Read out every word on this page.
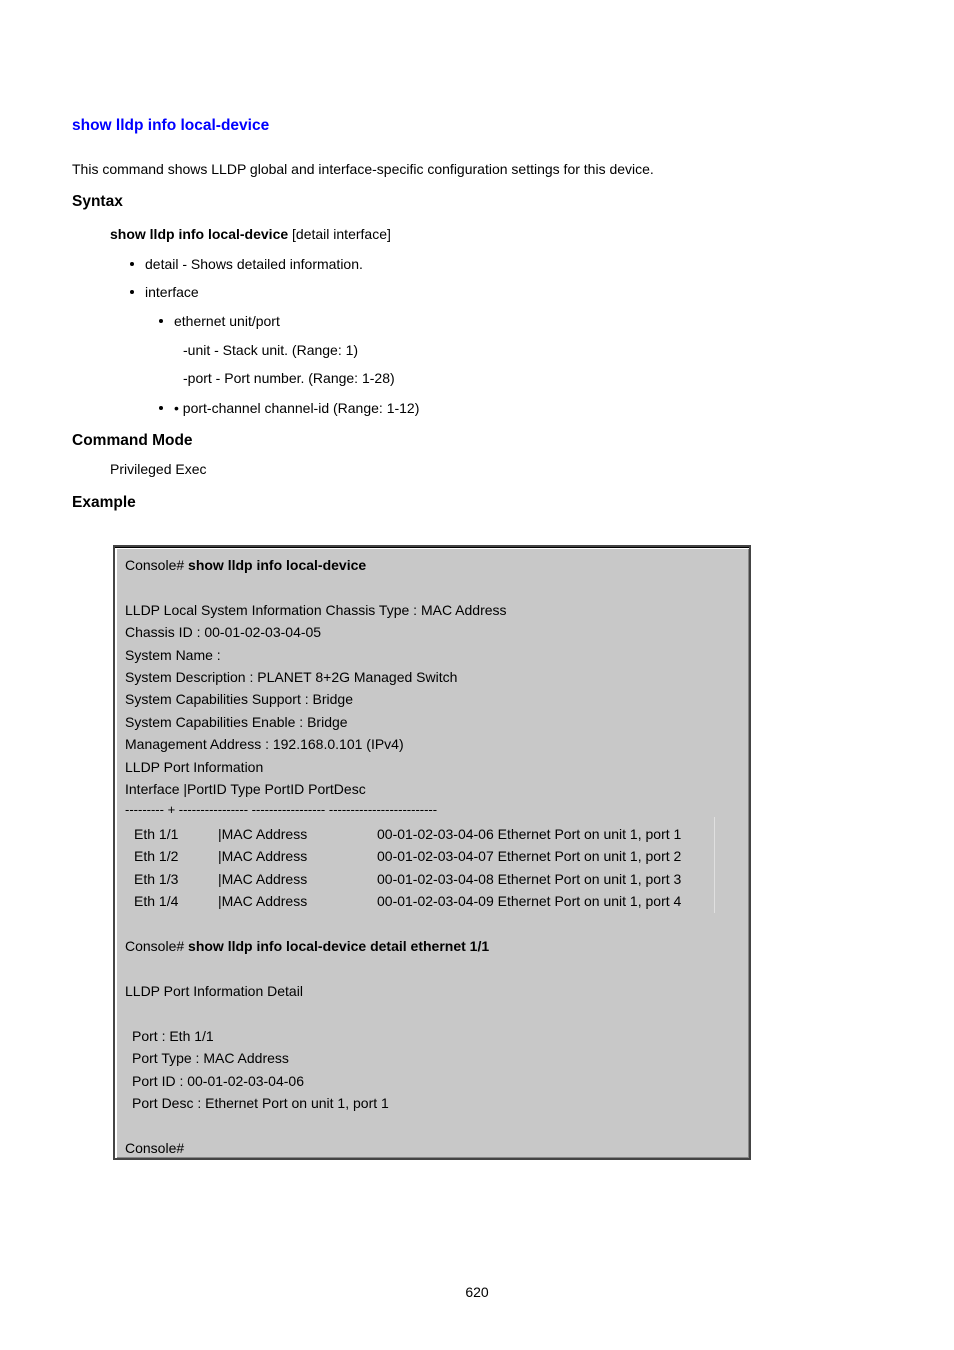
show lldp info local-device
This command shows LLDP global and interface-specific configuration settings for this device.
Syntax
show lldp info local-device [detail interface]
detail - Shows detailed information.
interface
ethernet unit/port
-unit - Stack unit. (Range: 1)
-port - Port number. (Range: 1-28)
• port-channel channel-id (Range: 1-12)
Command Mode
Privileged Exec
Example
Console# show lldp info local-device
LLDP Local System Information Chassis Type : MAC Address
Chassis ID : 00-01-02-03-04-05
System Name :
System Description : PLANET 8+2G Managed Switch
System Capabilities Support : Bridge
System Capabilities Enable : Bridge
Management Address : 192.168.0.101 (IPv4)
LLDP Port Information
Interface |PortID Type PortID PortDesc
--------- + ---------------- ----------------- -------------------------
Eth 1/1	|MAC Address	00-01-02-03-04-06 Ethernet Port on unit 1, port 1
Eth 1/2	|MAC Address	00-01-02-03-04-07 Ethernet Port on unit 1, port 2
Eth 1/3	|MAC Address	00-01-02-03-04-08 Ethernet Port on unit 1, port 3
Eth 1/4	|MAC Address	00-01-02-03-04-09 Ethernet Port on unit 1, port 4
Console# show lldp info local-device detail ethernet 1/1
LLDP Port Information Detail
Port : Eth 1/1
Port Type : MAC Address
Port ID : 00-01-02-03-04-06
Port Desc : Ethernet Port on unit 1, port 1
Console#
620
